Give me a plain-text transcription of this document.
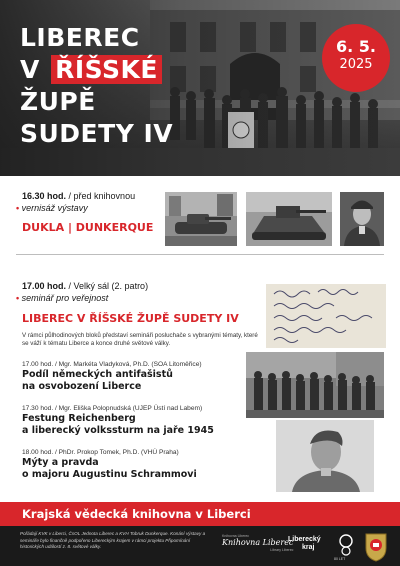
LIBEREC
V ŘÍŠSKÉ
ŽUPĚ
SUDETY IV
6. 5.
2025
16.30 hod. / před knihovnou
• vernisáž výstavy
DUKLA | DUNKERQUE
17.00 hod. / Velký sál (2. patro)
• seminář pro veřejnost
LIBEREC V ŘÍŠSKÉ ŽUPĚ SUDETY IV
V rámci půlhodinových bloků představí semináři posluchače s vybranými tématy, které se váží k tématu Liberce a konce druhé světové války.
17.00 hod. / Mgr. Markéta Vladyková, Ph.D. (SOA Litoměřice)
Podíl německých antifašistů
na osvobození Liberce
17.30 hod. / Mgr. Eliška Polopnudská (UJEP Ústí nad Labem)
Festung Reichenberg
a liberecký volkssturm na jaře 1945
18.00 hod. / PhDr. Prokop Tomek, Ph.D. (VHÚ Praha)
Mýty a pravda
o majoru Augustinu Schrammovi
Krajská vědecká knihovna v Liberci
Pořádají KVK v Liberci, ČsOL Jednota Liberec a KVH Tobruk Dunkerque. Konání výstavy a semináře bylo finančně podpořeno Libereckým krajem v rámci projektu Připomínání historických událostí z. 8. světové války.
Knihovna Liberec
Knihovna Liberec
Library Liberec
Liberecký
kraj
80 LET
